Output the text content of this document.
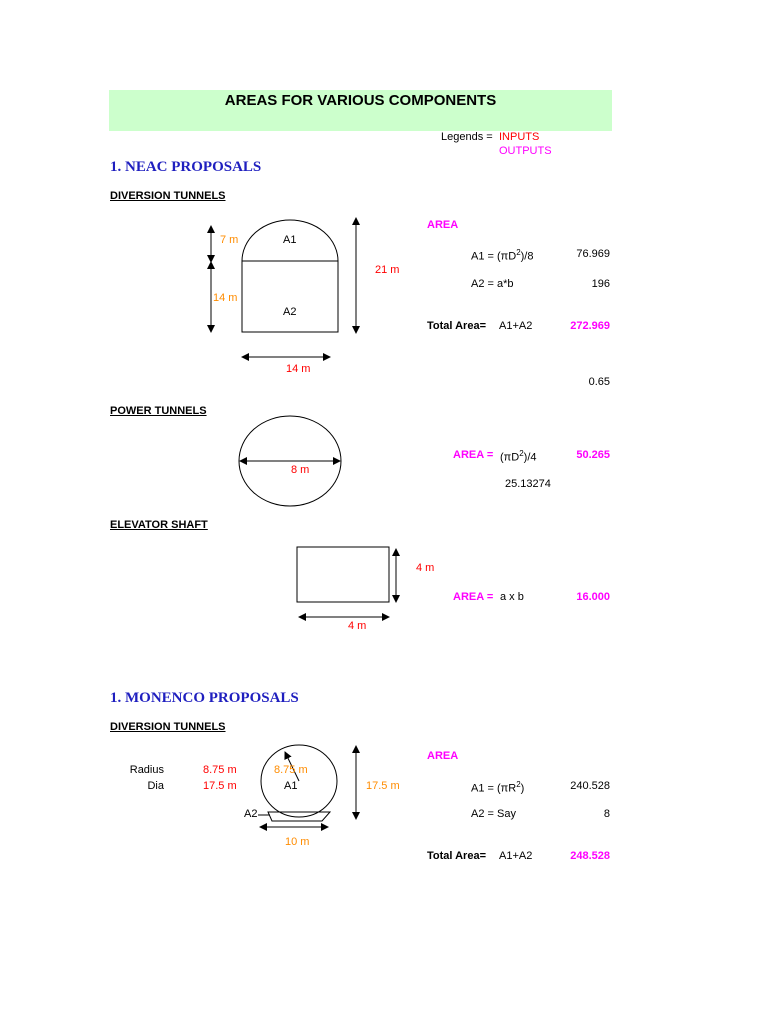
AREAS FOR VARIOUS COMPONENTS
Legends = INPUTS
OUTPUTS
1. NEAC PROPOSALS
DIVERSION TUNNELS
7 m	A1
14 m
A2
21 m
14 m
AREA
$A1 = (\pi D^2)/8$	76.969
A2 = a*b	196
Total Area= A1+A2	272.969
0.65
POWER TUNNELS
8 m
AREA = $(\pi D^2)/4$	50.265
25.13274
ELEVATOR SHAFT
4 m
4 m
AREA = a x b	16.000
1. MONENCO PROPOSALS
DIVERSION TUNNELS
Radius	8.75 m
Dia	17.5 m
8.75 m
A1
A2
17.5 m
10 m
AREA
$A1 = (\pi R^2)$	240.528
A2 = Say	8
Total Area= A1+A2	248.528
